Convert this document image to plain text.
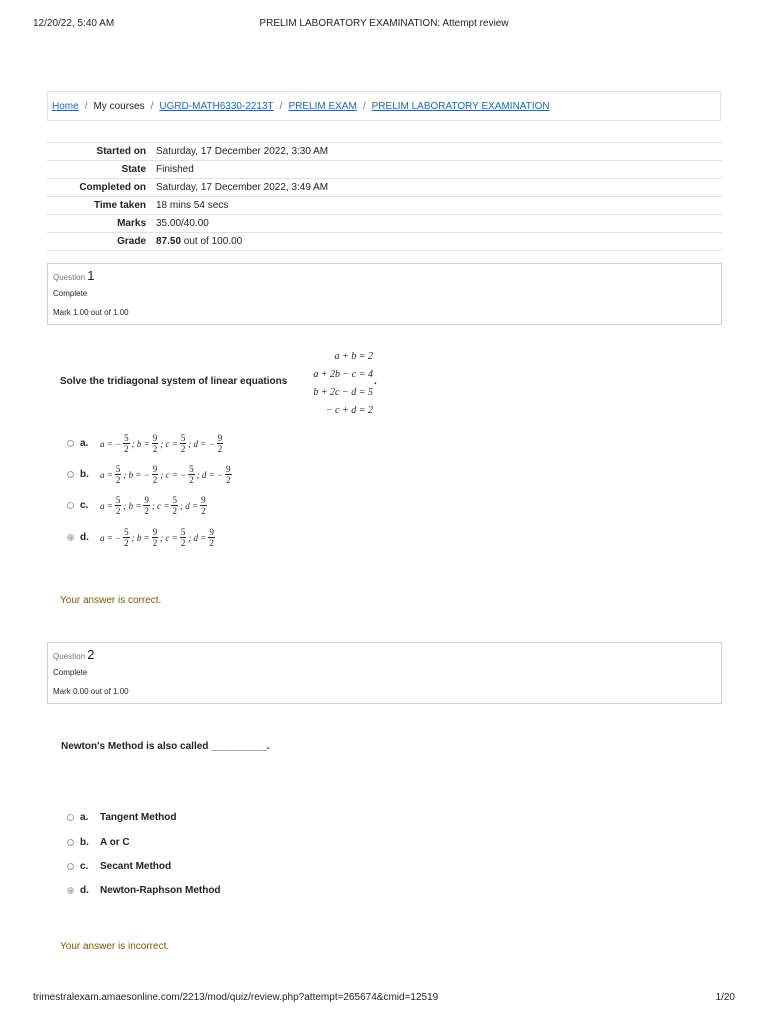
12/20/22, 5:40 AM	PRELIM LABORATORY EXAMINATION: Attempt review
Home / My courses / UGRD-MATH6330-2213T / PRELIM EXAM / PRELIM LABORATORY EXAMINATION
Started on	Saturday, 17 December 2022, 3:30 AM
State	Finished
Completed on	Saturday, 17 December 2022, 3:49 AM
Time taken	18 mins 54 secs
Marks	35.00/40.00
Grade	87.50 out of 100.00
Question 1
Complete
Mark 1.00 out of 1.00
Solve the tridiagonal system of linear equations
a + b = 2
a + 2b − c = 4
b + 2c − d = 5
− c + d = 2
.
a.	a = − $\frac{5}{2}$ ; $b = \frac{9}{2}$ ; $c = \frac{5}{2}$ ; d = − $\frac{9}{2}$
b.	$a = \frac{5}{2}$ ; b = − $\frac{9}{2}$ ; c = − $\frac{5}{2}$ ; d = − $\frac{9}{2}$
c.	$a = \frac{5}{2}$ ; $b = \frac{9}{2}$ ; $c = \frac{5}{2}$ ; $d = \frac{9}{2}$
d.	a = − $\frac{5}{2}$ ; $b = \frac{9}{2}$ ; $c = \frac{5}{2}$ ; $d = \frac{9}{2}$
Your answer is correct.
Question 2
Complete
Mark 0.00 out of 1.00
Newton's Method is also called __________.
a.	Tangent Method
b.	A or C
c.	Secant Method
d.	Newton-Raphson Method
Your answer is incorrect.
trimestralexam.amaesonline.com/2213/mod/quiz/review.php?attempt=265674&cmid=12519	1/20
